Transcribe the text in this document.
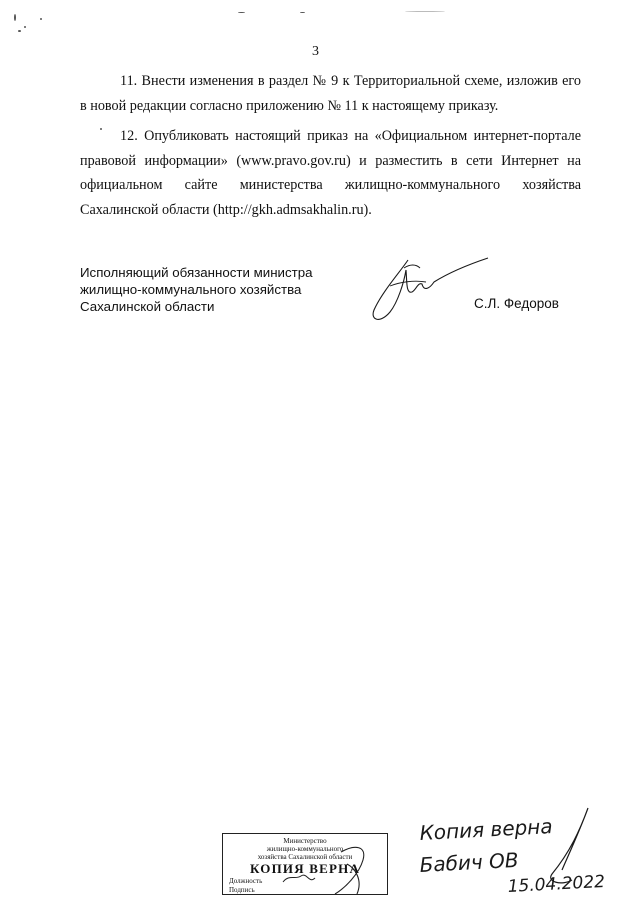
3

11. Внести изменения в раздел № 9 к Территориальной схеме, изложив его в новой редакции согласно приложению № 11 к настоящему приказу.

12. Опубликовать настоящий приказ на «Официальном интернет-портале правовой информации» (www.pravo.gov.ru) и разместить в сети Интернет на официальном сайте министерства жилищно-коммунального хозяйства Сахалинской области (http://gkh.admsakhalin.ru).

Исполняющий обязанности министра
жилищно-коммунального хозяйства
Сахалинской области	С.Л. Федоров
Министерство
жилищно-коммунального
хозяйства Сахалинской области
КОПИЯ ВЕРНА
Должность
Подпись
Копия верна
Бабич ОВ
15.04.2022
